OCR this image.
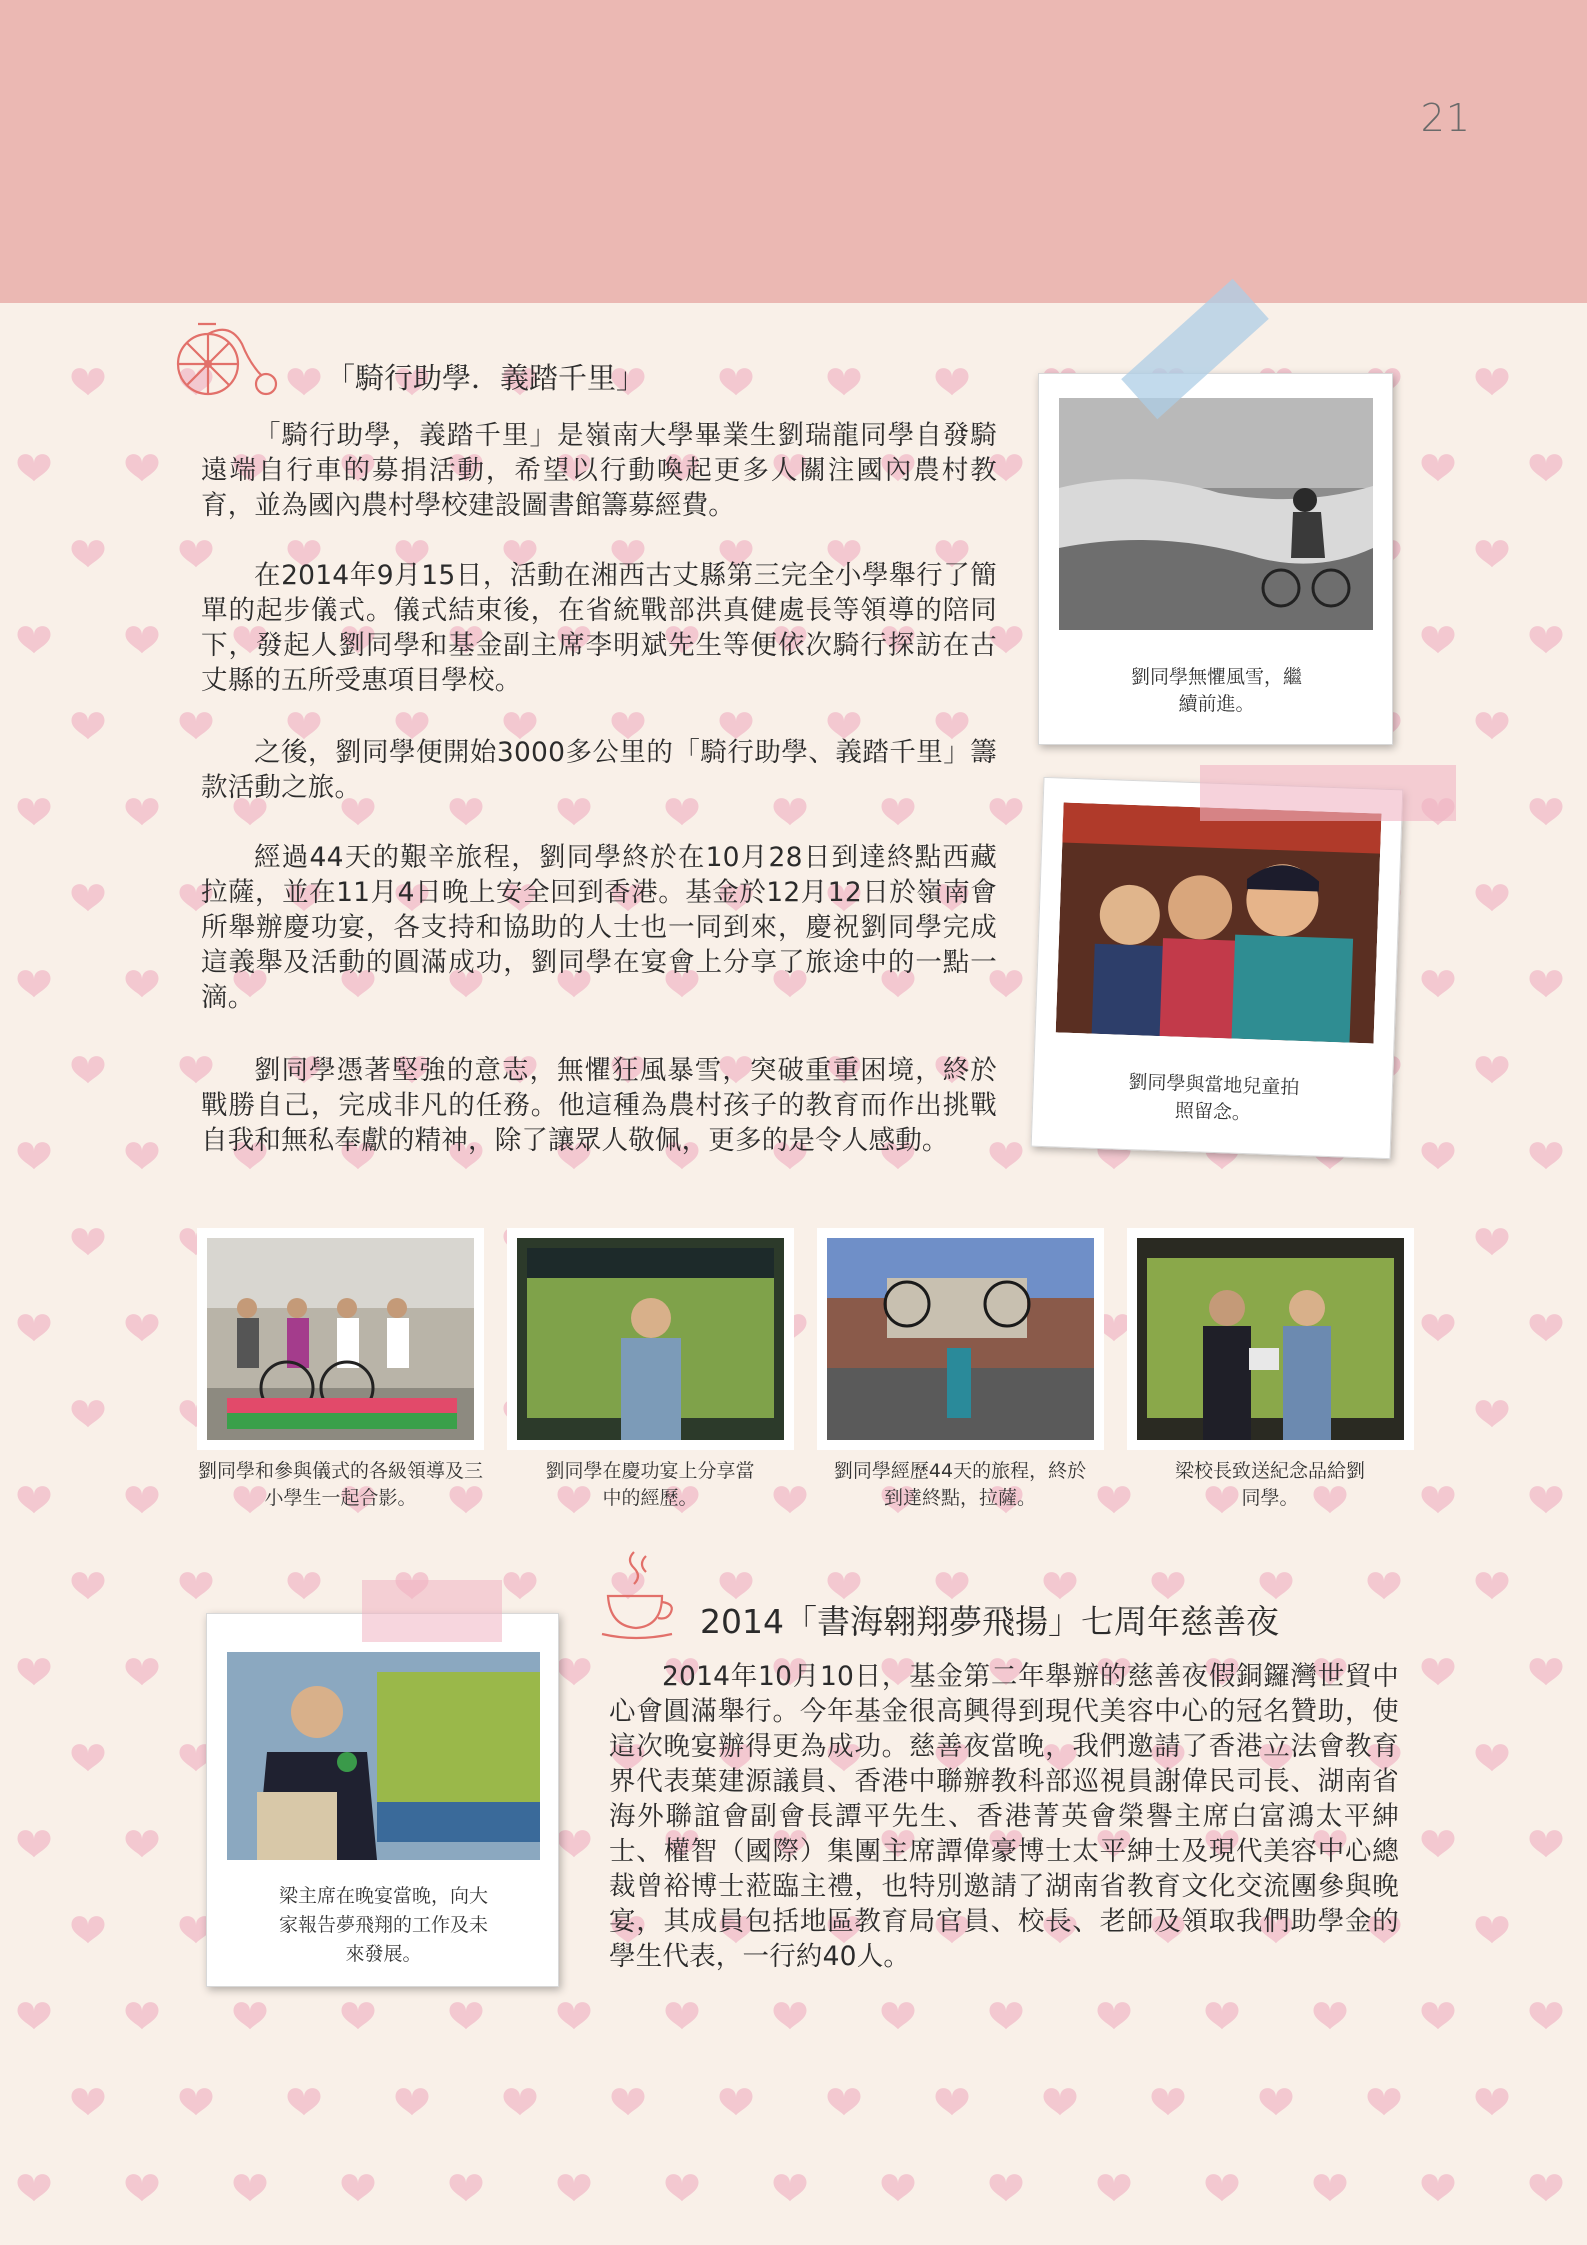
21
「騎行助學．義踏千里」

「騎行助學，義踏千里」是嶺南大學畢業生劉瑞龍同學自發騎遠端自行車的募捐活動，希望以行動喚起更多人關注國內農村教育，並為國內農村學校建設圖書館籌募經費。

在2014年9月15日，活動在湘西古丈縣第三完全小學舉行了簡單的起步儀式。儀式結束後，在省統戰部洪真健處長等領導的陪同下，發起人劉同學和基金副主席李明斌先生等便依次騎行探訪在古丈縣的五所受惠項目學校。

之後，劉同學便開始3000多公里的「騎行助學、義踏千里」籌款活動之旅。

經過44天的艱辛旅程，劉同學終於在10月28日到達終點西藏拉薩，並在11月4日晚上安全回到香港。基金於12月12日於嶺南會所舉辦慶功宴，各支持和協助的人士也一同到來，慶祝劉同學完成這義舉及活動的圓滿成功，劉同學在宴會上分享了旅途中的一點一滴。

劉同學憑著堅強的意志，無懼狂風暴雪，突破重重困境，終於戰勝自己，完成非凡的任務。他這種為農村孩子的教育而作出挑戰自我和無私奉獻的精神，除了讓眾人敬佩，更多的是令人感動。

劉同學無懼風雪，繼
續前進。
劉同學與當地兒童拍
照留念。
劉同學和參與儀式的各級領導及三
小學生一起合影。
劉同學在慶功宴上分享當
中的經歷。
劉同學經歷44天的旅程，終於
到達終點，拉薩。
梁校長致送紀念品給劉
同學。
梁主席在晚宴當晚，向大
家報告夢飛翔的工作及未
來發展。
2014「書海翱翔夢飛揚」七周年慈善夜

2014年10月10日，基金第二年舉辦的慈善夜假銅鑼灣世貿中心會圓滿舉行。今年基金很高興得到現代美容中心的冠名贊助，使這次晚宴辦得更為成功。慈善夜當晚，我們邀請了香港立法會教育界代表葉建源議員、香港中聯辦教科部巡視員謝偉民司長、湖南省海外聯誼會副會長譚平先生、香港菁英會榮譽主席白富鴻太平紳士、權智（國際）集團主席譚偉豪博士太平紳士及現代美容中心總裁曾裕博士蒞臨主禮，也特別邀請了湖南省教育文化交流團參與晚宴，其成員包括地區教育局官員、校長、老師及領取我們助學金的學生代表，一行約40人。
